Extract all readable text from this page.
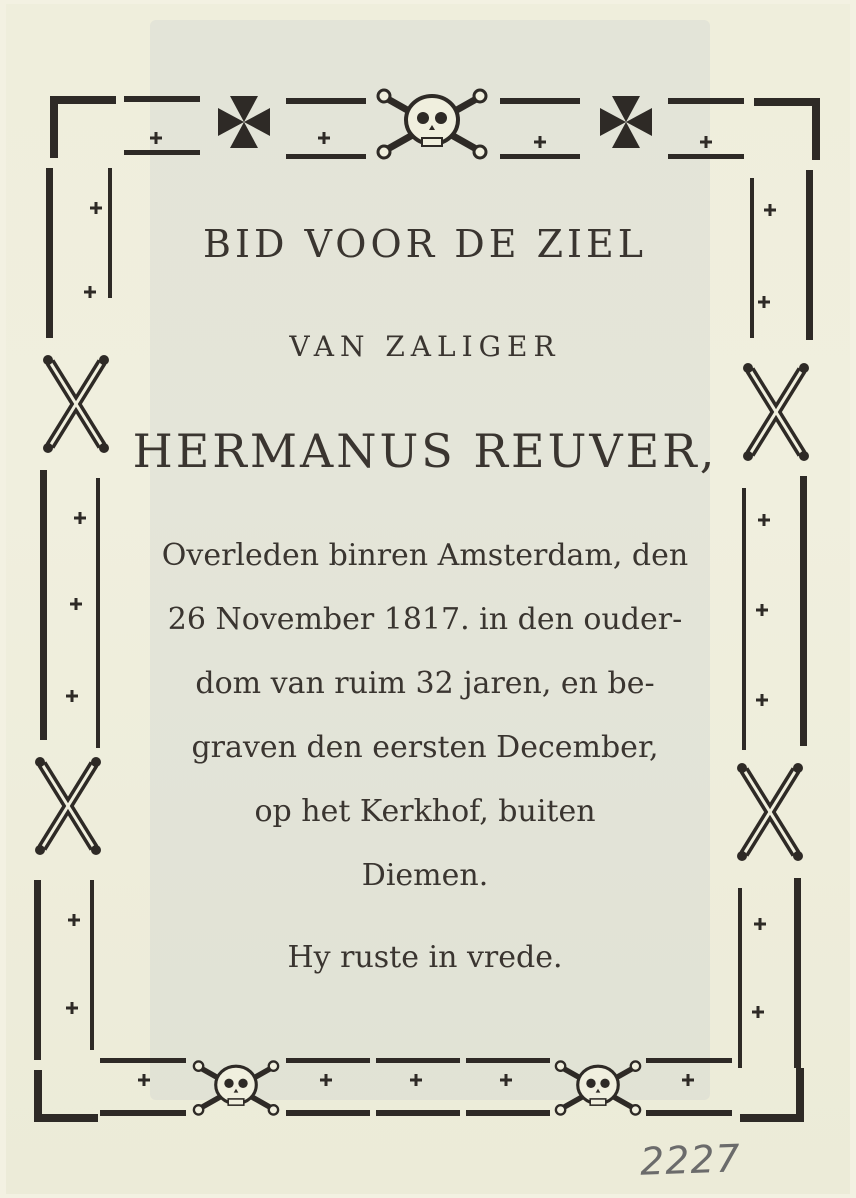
BID VOOR DE ZIEL
VAN ZALIGER
HERMANUS REUVER,
Overleden binren Amsterdam, den
26 November 1817. in den ouder-
dom van ruim 32 jaren, en be-
graven den eersten December,
op het Kerkhof, buiten
Diemen.
Hy ruste in vrede.
2227
